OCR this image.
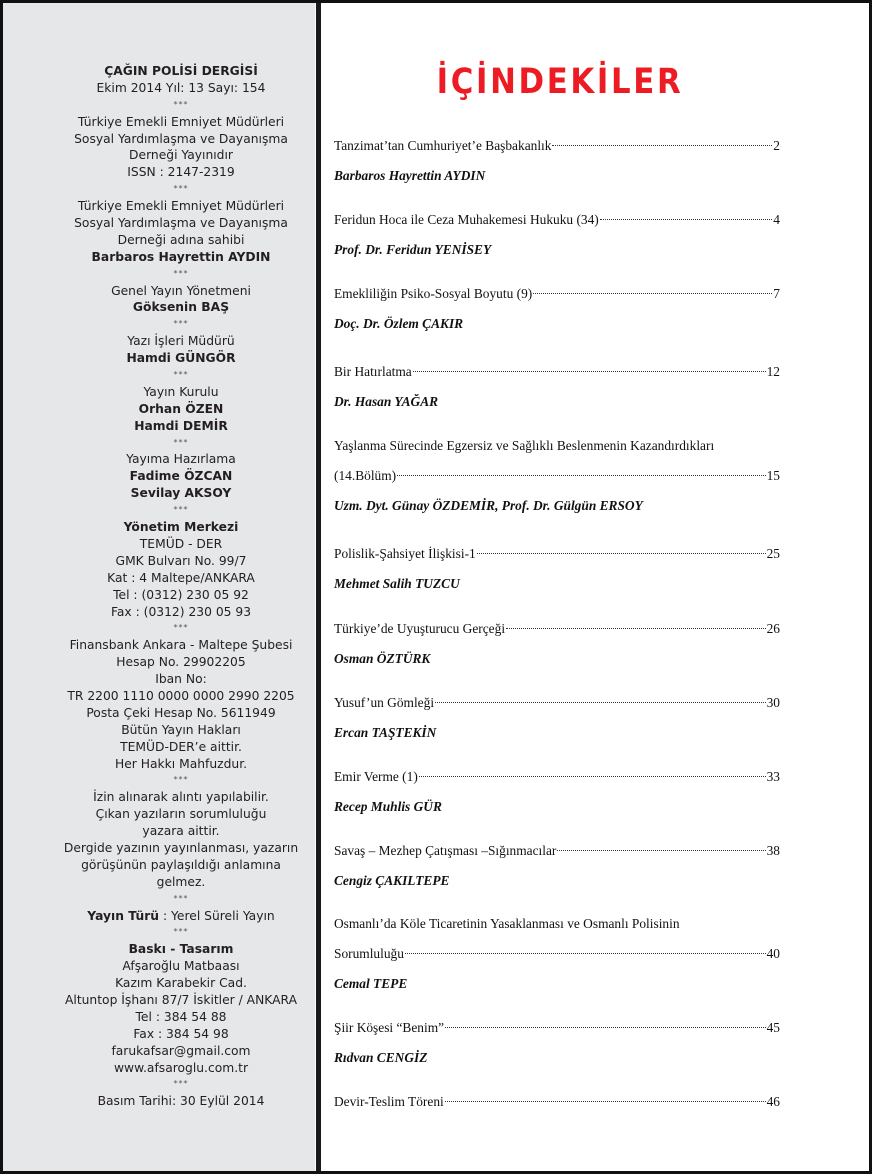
ÇAĞIN POLİSİ DERGİSİ
Ekim 2014 Yıl: 13 Sayı: 154
***
Türkiye Emekli Emniyet Müdürleri
Sosyal Yardımlaşma ve Dayanışma
Derneği Yayınıdır
ISSN : 2147-2319
***
Türkiye Emekli Emniyet Müdürleri
Sosyal Yardımlaşma ve Dayanışma
Derneği adına sahibi
Barbaros Hayrettin AYDIN
***
Genel Yayın Yönetmeni
Göksenin BAŞ
***
Yazı İşleri Müdürü
Hamdi GÜNGÖR
***
Yayın Kurulu
Orhan ÖZEN
Hamdi DEMİR
***
Yayıma Hazırlama
Fadime ÖZCAN
Sevilay AKSOY
***
Yönetim Merkezi
TEMÜD - DER
GMK Bulvarı No. 99/7
Kat : 4 Maltepe/ANKARA
Tel : (0312) 230 05 92
Fax : (0312) 230 05 93
***
Finansbank Ankara - Maltepe Şubesi
Hesap No. 29902205
Iban No:
TR 2200 1110 0000 0000 2990 2205
Posta Çeki Hesap No. 5611949
Bütün Yayın Hakları
TEMÜD-DER’e aittir.
Her Hakkı Mahfuzdur.
***
İzin alınarak alıntı yapılabilir.
Çıkan yazıların sorumluluğu
yazara aittir.
Dergide yazının yayınlanması, yazarın
görüşünün paylaşıldığı anlamına
gelmez.
***
Yayın Türü : Yerel Süreli Yayın
***
Baskı - Tasarım
Afşaroğlu Matbaası
Kazım Karabekir Cad.
Altuntop İşhanı 87/7 İskitler / ANKARA
Tel : 384 54 88
Fax : 384 54 98
farukafsar@gmail.com
www.afsaroglu.com.tr
***
Basım Tarihi: 30 Eylül 2014
İÇİNDEKİLER
Tanzimat’tan Cumhuriyet’e Başbakanlık	2
Barbaros Hayrettin AYDIN
Feridun Hoca ile Ceza Muhakemesi Hukuku (34)	4
Prof. Dr. Feridun YENİSEY
Emekliliğin Psiko-Sosyal Boyutu (9)	7
Doç. Dr. Özlem ÇAKIR
Bir Hatırlatma	12
Dr. Hasan YAĞAR
Yaşlanma Sürecinde Egzersiz ve Sağlıklı Beslenmenin Kazandırdıkları
(14.Bölüm)	15
Uzm. Dyt. Günay ÖZDEMİR, Prof. Dr. Gülgün ERSOY
Polislik-Şahsiyet İlişkisi-1	25
Mehmet Salih TUZCU
Türkiye’de Uyuşturucu Gerçeği	26
Osman ÖZTÜRK
Yusuf’un Gömleği	30
Ercan TAŞTEKİN
Emir Verme (1)	33
Recep Muhlis GÜR
Savaş – Mezhep Çatışması –Sığınmacılar	38
Cengiz ÇAKILTEPE
Osmanlı’da Köle Ticaretinin Yasaklanması ve Osmanlı Polisinin
Sorumluluğu	40
Cemal TEPE
Şiir Köşesi “Benim”	45
Rıdvan CENGİZ
Devir-Teslim Töreni	46
